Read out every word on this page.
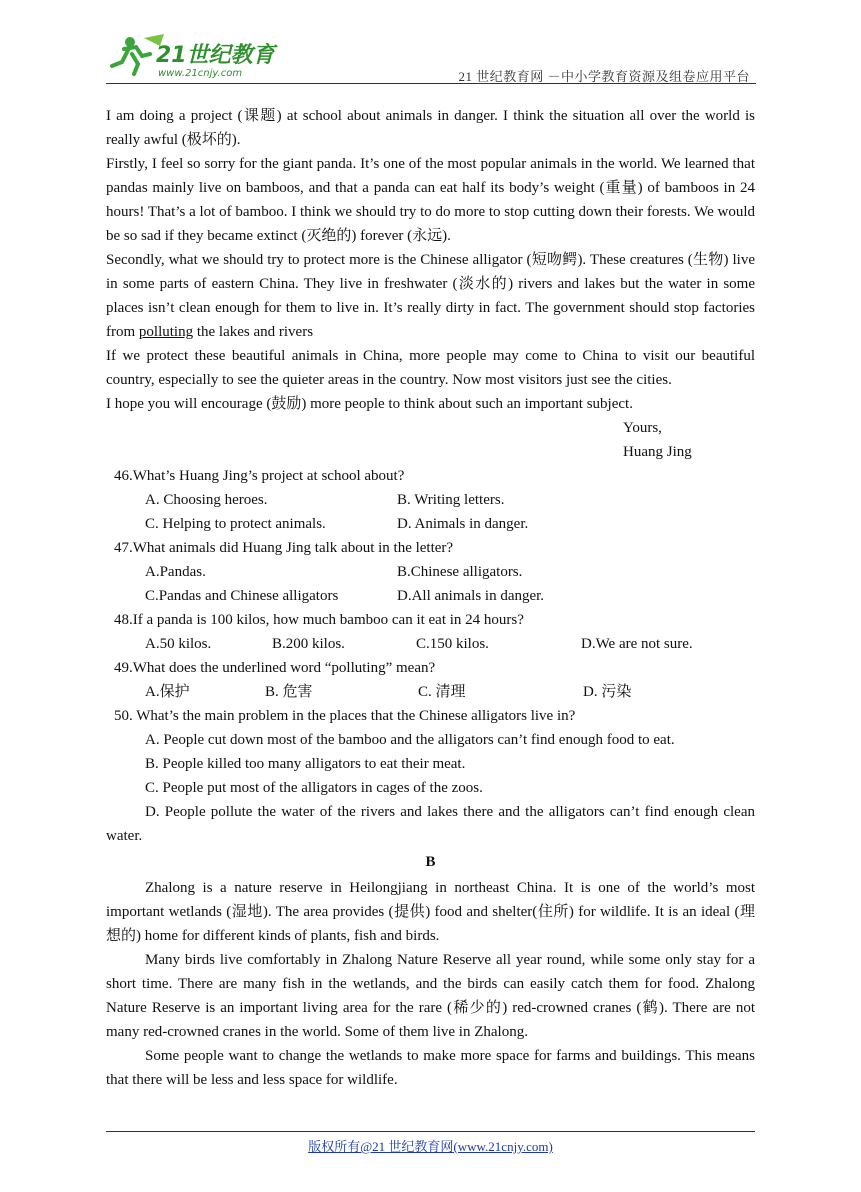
21世纪教育
www.21cnjy.com	21 世纪教育网 －中小学教育资源及组卷应用平台

I am doing a project (课题) at school about animals in danger. I think the situation all over the world is really awful (极坏的).

Firstly, I feel so sorry for the giant panda. It’s one of the most popular animals in the world. We learned that pandas mainly live on bamboos, and that a panda can eat half its body’s weight (重量) of bamboos in 24 hours! That’s a lot of bamboo. I think we should try to do more to stop cutting down their forests. We would be so sad if they became extinct (灭绝的) forever (永远).

Secondly, what we should try to protect more is the Chinese alligator (短吻鳄). These creatures (生物) live in some parts of eastern China. They live in freshwater (淡水的) rivers and lakes but the water in some places isn’t clean enough for them to live in. It’s really dirty in fact. The government should stop factories from polluting the lakes and rivers

If we protect these beautiful animals in China, more people may come to China to visit our beautiful country, especially to see the quieter areas in the country. Now most visitors just see the cities.

I hope you will encourage (鼓励) more people to think about such an important subject.

Yours,
Huang Jing

46.What’s Huang Jing’s project at school about?

A. Choosing heroes.	B. Writing letters.
C. Helping to protect animals.	D. Animals in danger.

47.What animals did Huang Jing talk about in the letter?

A.Pandas.	B.Chinese alligators.
C.Pandas and Chinese alligators	D.All animals in danger.

48.If a panda is 100 kilos, how much bamboo can it eat in 24 hours?

A.50 kilos.	B.200 kilos.	C.150 kilos.	D.We are not sure.

49.What does the underlined word “polluting” mean?

A.保护	B. 危害	C. 清理	D. 污染

50. What’s the main problem in the places that the Chinese alligators live in?

A. People cut down most of the bamboo and the alligators can’t find enough food to eat.

B. People killed too many alligators to eat their meat.

C. People put most of the alligators in cages of the zoos.

D. People pollute the water of the rivers and lakes there and the alligators can’t find enough clean water.

B

Zhalong is a nature reserve in Heilongjiang in northeast China. It is one of the world’s most important wetlands (湿地). The area provides (提供) food and shelter(住所) for wildlife. It is an ideal (理想的) home for different kinds of plants, fish and birds.

Many birds live comfortably in Zhalong Nature Reserve all year round, while some only stay for a short time. There are many fish in the wetlands, and the birds can easily catch them for food. Zhalong Nature Reserve is an important living area for the rare (稀少的) red-crowned cranes (鹤). There are not many red-crowned cranes in the world. Some of them live in Zhalong.

Some people want to change the wetlands to make more space for farms and buildings. This means that there will be less and less space for wildlife.

版权所有@21 世纪教育网(www.21cnjy.com)
